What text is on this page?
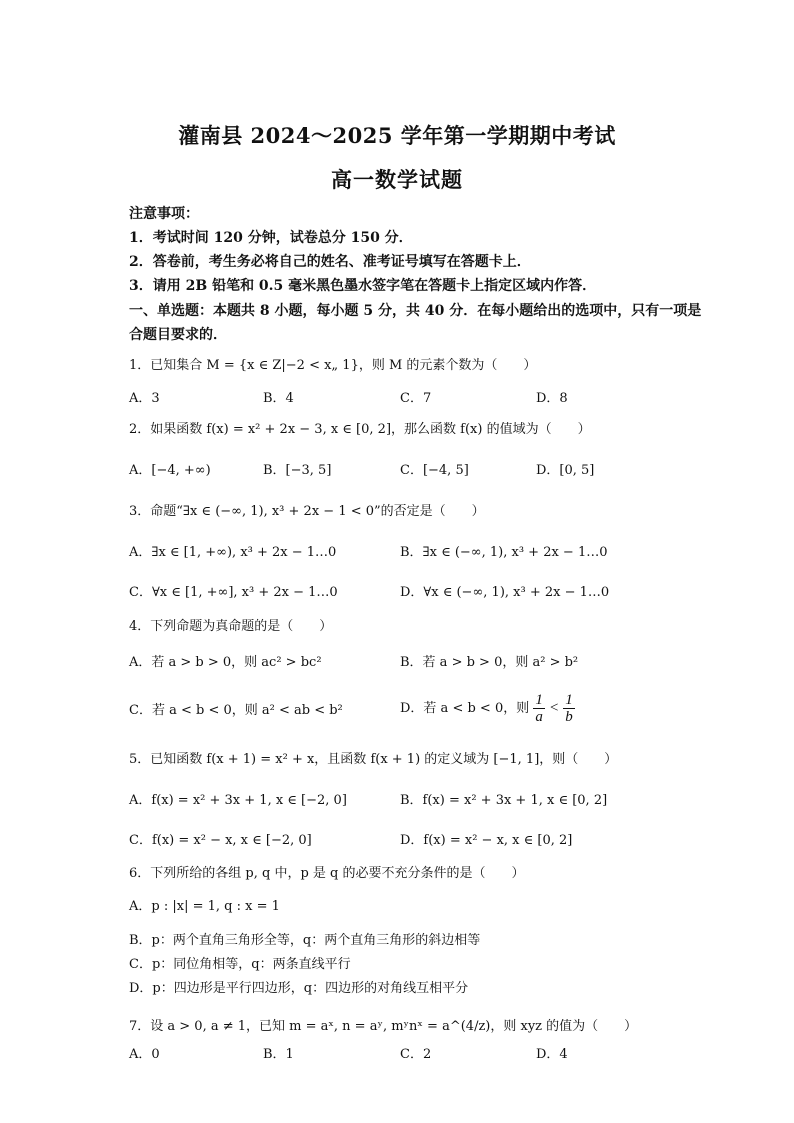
灌南县 2024～2025 学年第一学期期中考试
高一数学试题
注意事项：
1．考试时间 120 分钟，试卷总分 150 分．
2．答卷前，考生务必将自己的姓名、准考证号填写在答题卡上．
3．请用 2B 铅笔和 0.5 毫米黑色墨水签字笔在答题卡上指定区域内作答．
一、单选题：本题共 8 小题，每小题 5 分，共 40 分．在每小题给出的选项中，只有一项是
合题目要求的．
1．已知集合 M = {x ∈ Z|−2 < x„ 1}，则 M 的元素个数为（　　）
A．3	B．4	C．7	D．8
2．如果函数 f(x) = x² + 2x − 3, x ∈ [0, 2]，那么函数 f(x) 的值域为（　　）
A．[−4, +∞)	B．[−3, 5]	C．[−4, 5]	D．[0, 5]
3．命题“∃x ∈ (−∞, 1), x³ + 2x − 1 < 0”的否定是（　　）
A．∃x ∈ [1, +∞), x³ + 2x − 1…0	B．∃x ∈ (−∞, 1), x³ + 2x − 1…0
C．∀x ∈ [1, +∞], x³ + 2x − 1…0	D．∀x ∈ (−∞, 1), x³ + 2x − 1…0
4．下列命题为真命题的是（　　）
A．若 a > b > 0，则 ac² > bc²	B．若 a > b > 0，则 a² > b²
C．若 a < b < 0，则 a² < ab < b²	D．若 a < b < 0，则 $\frac{1}{a} < \frac{1}{b}$
5．已知函数 f(x + 1) = x² + x，且函数 f(x + 1) 的定义域为 [−1, 1]，则（　　）
A．f(x) = x² + 3x + 1, x ∈ [−2, 0]	B．f(x) = x² + 3x + 1, x ∈ [0, 2]
C．f(x) = x² − x, x ∈ [−2, 0]	D．f(x) = x² − x, x ∈ [0, 2]
6．下列所给的各组 p, q 中，p 是 q 的必要不充分条件的是（　　）
A．p : |x| = 1, q : x = 1
B．p：两个直角三角形全等，q：两个直角三角形的斜边相等
C．p：同位角相等，q：两条直线平行
D．p：四边形是平行四边形，q：四边形的对角线互相平分
7．设 a > 0, a ≠ 1，已知 m = aˣ, n = aʸ, mʸnˣ = a^(4/z)，则 xyz 的值为（　　）
A．0	B．1	C．2	D．4
